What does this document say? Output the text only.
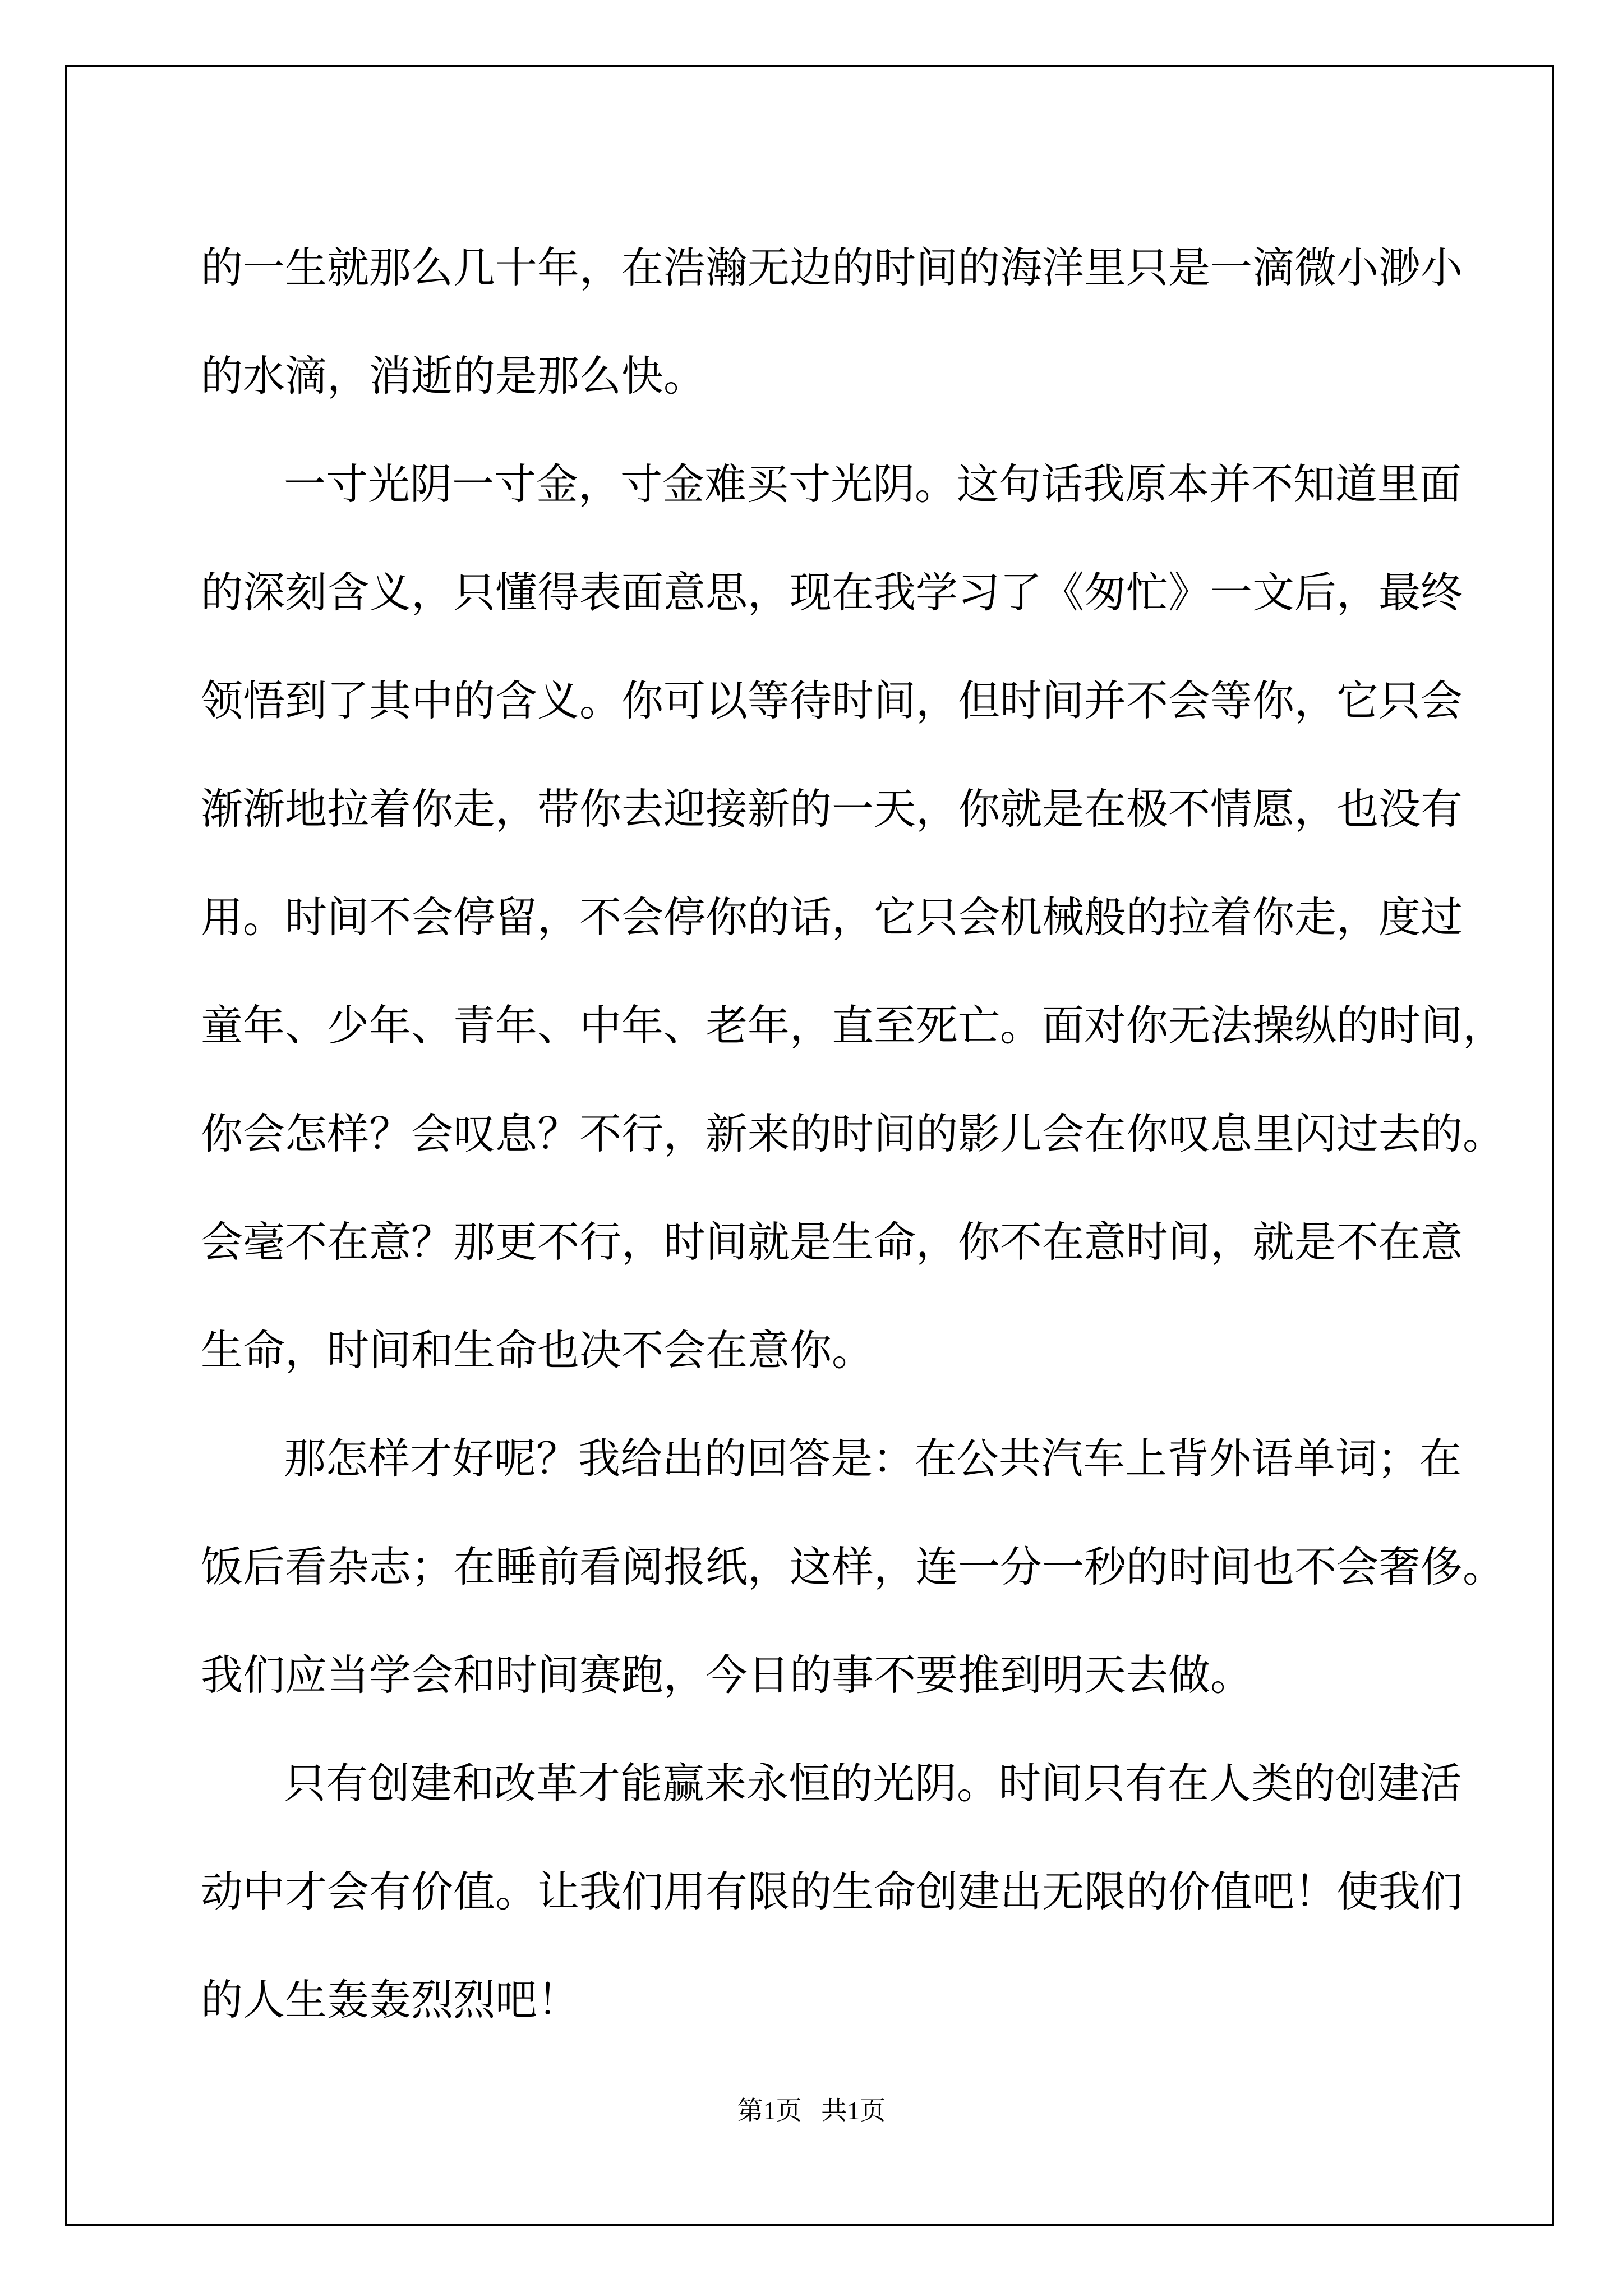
的一生就那么几十年，在浩瀚无边的时间的海洋里只是一滴微小渺小
的水滴，消逝的是那么快。
一寸光阴一寸金，寸金难买寸光阴。这句话我原本并不知道里面
的深刻含义，只懂得表面意思，现在我学习了《匆忙》一文后，最终
领悟到了其中的含义。你可以等待时间，但时间并不会等你，它只会
渐渐地拉着你走，带你去迎接新的一天，你就是在极不情愿，也没有
用。时间不会停留，不会停你的话，它只会机械般的拉着你走，度过
童年、少年、青年、中年、老年，直至死亡。面对你无法操纵的时间，
你会怎样？会叹息？不行，新来的时间的影儿会在你叹息里闪过去的。
会毫不在意？那更不行，时间就是生命，你不在意时间，就是不在意
生命，时间和生命也决不会在意你。
那怎样才好呢？我给出的回答是：在公共汽车上背外语单词；在
饭后看杂志；在睡前看阅报纸，这样，连一分一秒的时间也不会奢侈。
我们应当学会和时间赛跑，今日的事不要推到明天去做。
只有创建和改革才能赢来永恒的光阴。时间只有在人类的创建活
动中才会有价值。让我们用有限的生命创建出无限的价值吧！使我们
的人生轰轰烈烈吧！
第1页 共1页
